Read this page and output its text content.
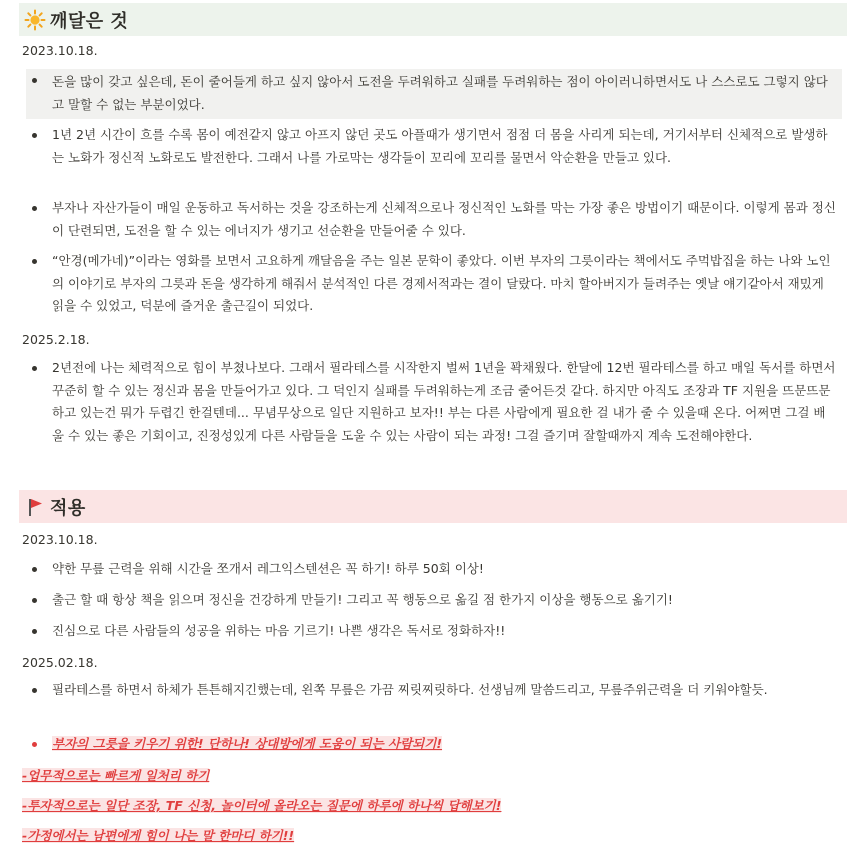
깨달은 것
2023.10.18.
돈을 많이 갖고 싶은데, 돈이 줄어들게 하고 싶지 않아서 도전을 두려워하고 실패를 두려워하는 점이 아이러니하면서도 나 스스로도 그렇지 않다고 말할 수 없는 부분이었다.
1년 2년 시간이 흐를 수록 몸이 예전같지 않고 아프지 않던 곳도 아플때가 생기면서 점점 더 몸을 사리게 되는데, 거기서부터 신체적으로 발생하는 노화가 정신적 노화로도 발전한다. 그래서 나를 가로막는 생각들이 꼬리에 꼬리를 물면서 악순환을 만들고 있다.
부자나 자산가들이 매일 운동하고 독서하는 것을 강조하는게 신체적으로나 정신적인 노화를 막는 가장 좋은 방법이기 때문이다. 이렇게 몸과 정신이 단련되면, 도전을 할 수 있는 에너지가 생기고 선순환을 만들어줄 수 있다.
“안경(메가네)”이라는 영화를 보면서 고요하게 깨달음을 주는 일본 문학이 좋았다. 이번 부자의 그릇이라는 책에서도 주먹밥집을 하는 나와 노인의 이야기로 부자의 그릇과 돈을 생각하게 해줘서 분석적인 다른 경제서적과는 결이 달랐다. 마치 할아버지가 들려주는 옛날 얘기같아서 재밌게 읽을 수 있었고, 덕분에 즐거운 출근길이 되었다.
2025.2.18.
2년전에 나는 체력적으로 힘이 부쳤나보다. 그래서 필라테스를 시작한지 벌써 1년을 꽉채웠다. 한달에 12번 필라테스를 하고 매일 독서를 하면서 꾸준히 할 수 있는 정신과 몸을 만들어가고 있다. 그 덕인지 실패를 두려워하는게 조금 줄어든것 같다. 하지만 아직도 조장과 TF 지원을 뜨문뜨문 하고 있는건 뭐가 두렵긴 한걸텐데... 무념무상으로 일단 지원하고 보자!! 부는 다른 사람에게 필요한 걸 내가 줄 수 있을때 온다. 어쩌면 그걸 배울 수 있는 좋은 기회이고, 진정성있게 다른 사람들을 도울 수 있는 사람이 되는 과정! 그걸 즐기며 잘할때까지 계속 도전해야한다.
적용
2023.10.18.
약한 무릎 근력을 위해 시간을 쪼개서 레그익스텐션은 꼭 하기! 하루 50회 이상!
출근 할 때 항상 책을 읽으며 정신을 건강하게 만들기! 그리고 꼭 행동으로 옮길 점 한가지 이상을 행동으로 옮기기!
진심으로 다른 사람들의 성공을 위하는 마음 기르기! 나쁜 생각은 독서로 정화하자!!
2025.02.18.
필라테스를 하면서 하체가 튼튼해지긴했는데, 왼쪽 무릎은 가끔 찌릿찌릿하다. 선생님께 말씀드리고, 무릎주위근력을 더 키워야할듯.
부자의 그릇을 키우기 위한! 단하나! 상대방에게 도움이 되는 사람되기!
-업무적으로는 빠르게 일처리 하기
-투자적으로는 일단 조장, TF 신청, 놀이터에 올라오는 질문에 하루에 하나씩 답해보기!
-가정에서는 남편에게 힘이 나는 말 한마디 하기!!
